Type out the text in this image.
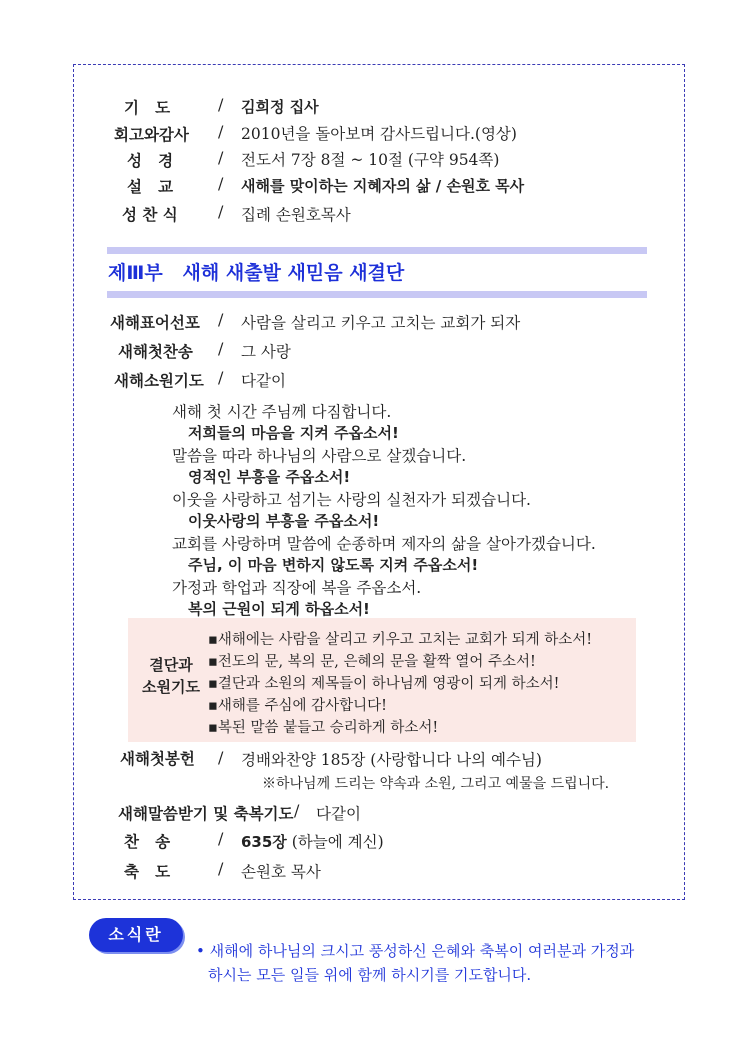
기   도	/ 김희정 집사
회고와감사 / 2010년을 돌아보며 감사드립니다.(영상)
성   경	/ 전도서 7장 8절 ~ 10절 (구약 954쪽)
설   교	/ 새해를 맞이하는 지혜자의 삶 / 손원호 목사
성 찬 식	/ 집례 손원호목사
제Ⅲ부   새해 새출발 새믿음 새결단
새해표어선포 / 사람을 살리고 키우고 고치는 교회가 되자
새해첫찬송 / 그 사랑
새해소원기도 / 다같이
새해 첫 시간 주님께 다짐합니다.
저희들의 마음을 지켜 주옵소서!
말씀을 따라 하나님의 사람으로 살겠습니다.
영적인 부흥을 주옵소서!
이웃을 사랑하고 섬기는 사랑의 실천자가 되겠습니다.
이웃사랑의 부흥을 주옵소서!
교회를 사랑하며 말씀에 순종하며 제자의 삶을 살아가겠습니다.
주님, 이 마음 변하지 않도록 지켜 주옵소서!
가정과 학업과 직장에 복을 주옵소서.
복의 근원이 되게 하옵소서!
결단과
소원기도
▪새해에는 사람을 살리고 키우고 고치는 교회가 되게 하소서!
▪전도의 문, 복의 문, 은혜의 문을 활짝 열어 주소서!
▪결단과 소원의 제목들이 하나님께 영광이 되게 하소서!
▪새해를 주심에 감사합니다!
▪복된 말씀 붙들고 승리하게 하소서!
새해첫봉헌 / 경배와찬양 185장 (사랑합니다 나의 예수님)
※하나님께 드리는 약속과 소원, 그리고 예물을 드립니다.
새해말씀받기 및 축복기도 / 다같이
찬   송	/ 635장 (하늘에 계신)
축   도	/ 손원호 목사
소식란
• 새해에 하나님의 크시고 풍성하신 은혜와 축복이 여러분과 가정과
하시는 모든 일들 위에 함께 하시기를 기도합니다.
